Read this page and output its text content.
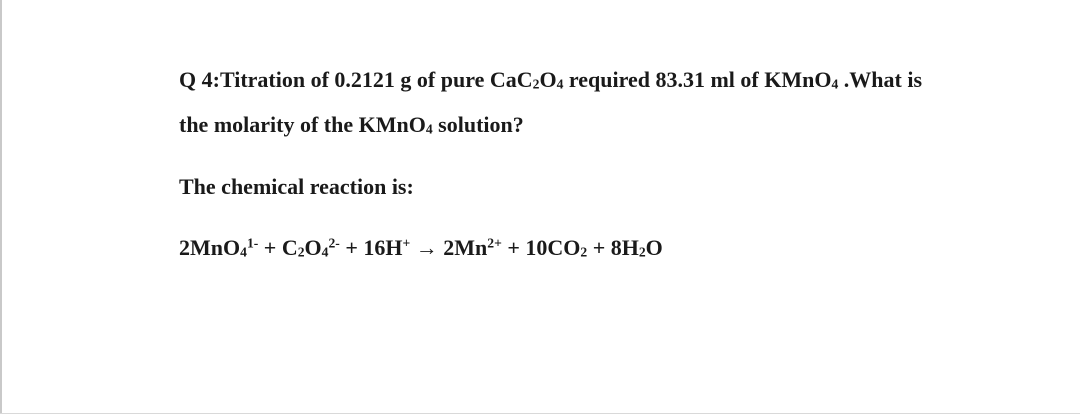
Q 4:Titration of 0.2121 g of pure $CaC_2O_4$ required 83.31 ml of KMnO$_4$ .What is
the molarity of the KMnO$_4$ solution?
The chemical reaction is:
$2MnO_4^{1-} + C_2O_4^{2-} + 16H^+ \to 2Mn^{2+} + 10CO_2 + 8H_2O$
